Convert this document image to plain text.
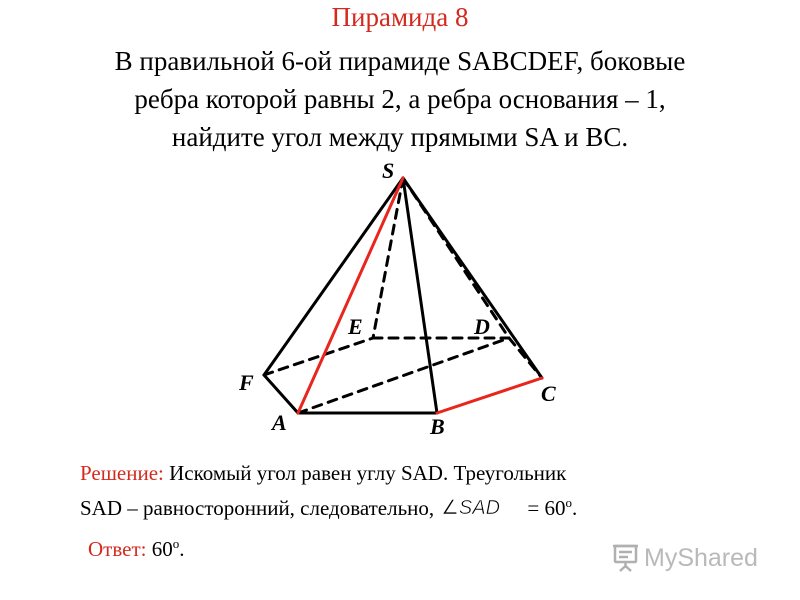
Пирамида 8
В правильной 6-ой пирамиде SABCDEF, боковые
ребра которой равны 2, а ребра основания – 1,
найдите угол между прямыми SA и BC.
S
E	D
F	C
A	B
Решение: Искомый угол равен углу SAD. Треугольник
SAD – равносторонний, следовательно, ∠SAD = $60^o$.
Ответ: 60$^o$.	MyShared
